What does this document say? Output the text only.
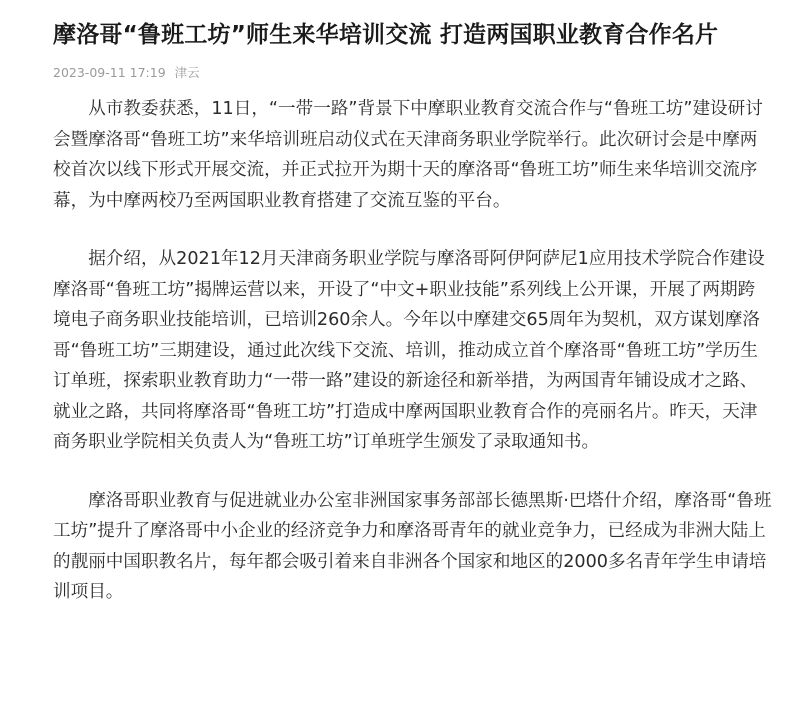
摩洛哥“鲁班工坊”师生来华培训交流 打造两国职业教育合作名片
2023-09-11 17:19 津云

从市教委获悉，11日，“一带一路”背景下中摩职业教育交流合作与“鲁班工坊”建设研讨会暨摩洛哥“鲁班工坊”来华培训班启动仪式在天津商务职业学院举行。此次研讨会是中摩两校首次以线下形式开展交流，并正式拉开为期十天的摩洛哥“鲁班工坊”师生来华培训交流序幕，为中摩两校乃至两国职业教育搭建了交流互鉴的平台。

据介绍，从2021年12月天津商务职业学院与摩洛哥阿伊阿萨尼1应用技术学院合作建设摩洛哥“鲁班工坊”揭牌运营以来，开设了“中文+职业技能”系列线上公开课，开展了两期跨境电子商务职业技能培训，已培训260余人。今年以中摩建交65周年为契机，双方谋划摩洛哥“鲁班工坊”三期建设，通过此次线下交流、培训，推动成立首个摩洛哥“鲁班工坊”学历生订单班，探索职业教育助力“一带一路”建设的新途径和新举措，为两国青年铺设成才之路、就业之路，共同将摩洛哥“鲁班工坊”打造成中摩两国职业教育合作的亮丽名片。昨天，天津商务职业学院相关负责人为“鲁班工坊”订单班学生颁发了录取通知书。

摩洛哥职业教育与促进就业办公室非洲国家事务部部长德黑斯·巴塔什介绍，摩洛哥“鲁班工坊”提升了摩洛哥中小企业的经济竞争力和摩洛哥青年的就业竞争力，已经成为非洲大陆上的靓丽中国职教名片，每年都会吸引着来自非洲各个国家和地区的2000多名青年学生申请培训项目。
